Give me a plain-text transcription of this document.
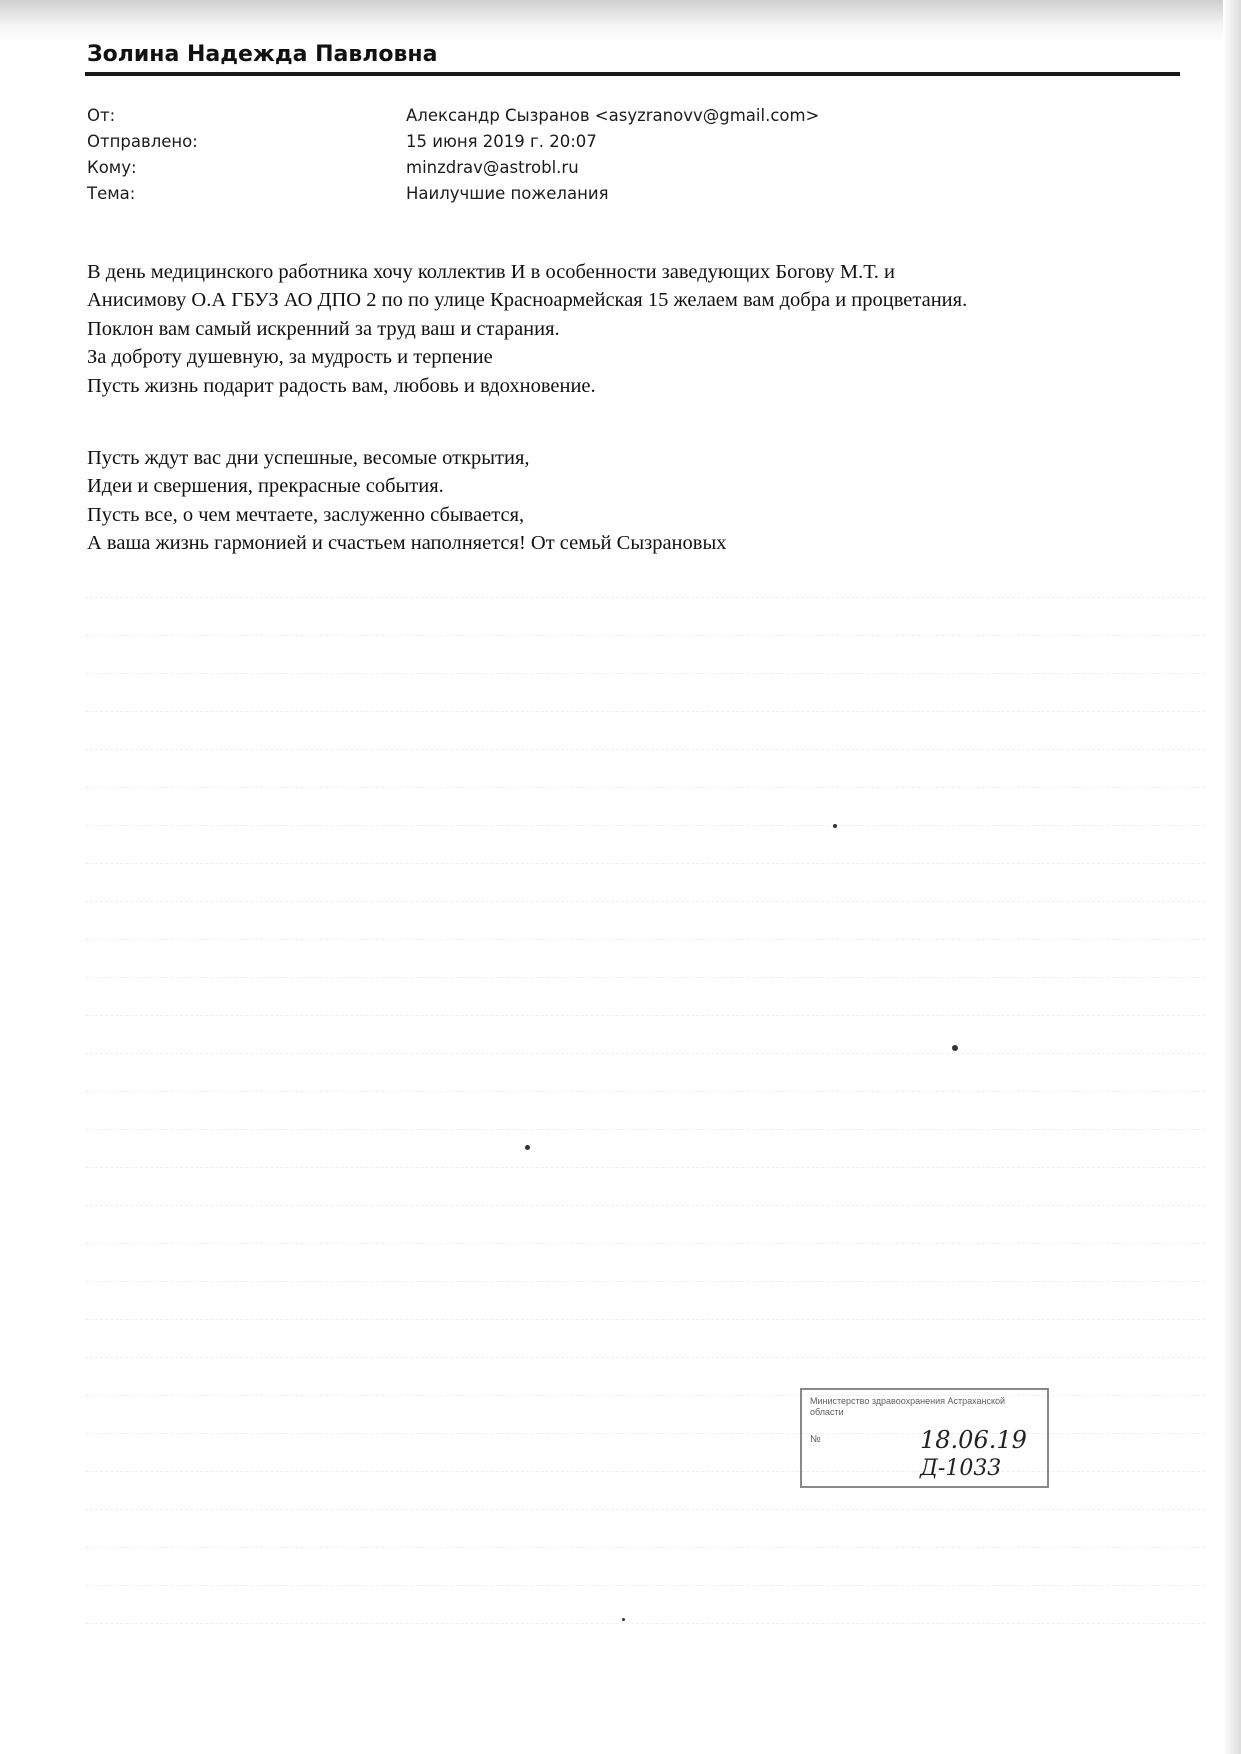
Золина Надежда Павловна
От:	Александр Сызранов <asyzranovv@gmail.com>
Отправлено:	15 июня 2019 г. 20:07
Кому:	minzdrav@astrobl.ru
Тема:	Наилучшие пожелания
В день медицинского работника хочу коллектив И в особенности заведующих Богову М.Т. и
Анисимову О.А ГБУЗ АО ДПО 2 по по улице Красноармейская 15 желаем вам добра и процветания.
Поклон вам самый искренний за труд ваш и старания.
За доброту душевную, за мудрость и терпение
Пусть жизнь подарит радость вам, любовь и вдохновение.
Пусть ждут вас дни успешные, весомые открытия,
Идеи и свершения, прекрасные события.
Пусть все, о чем мечтаете, заслуженно сбывается,
А ваша жизнь гармонией и счастьем наполняется! От семьй Сызрановых
Министерство здравоохранения Астраханской области
№	18.06.19
Д-1033
